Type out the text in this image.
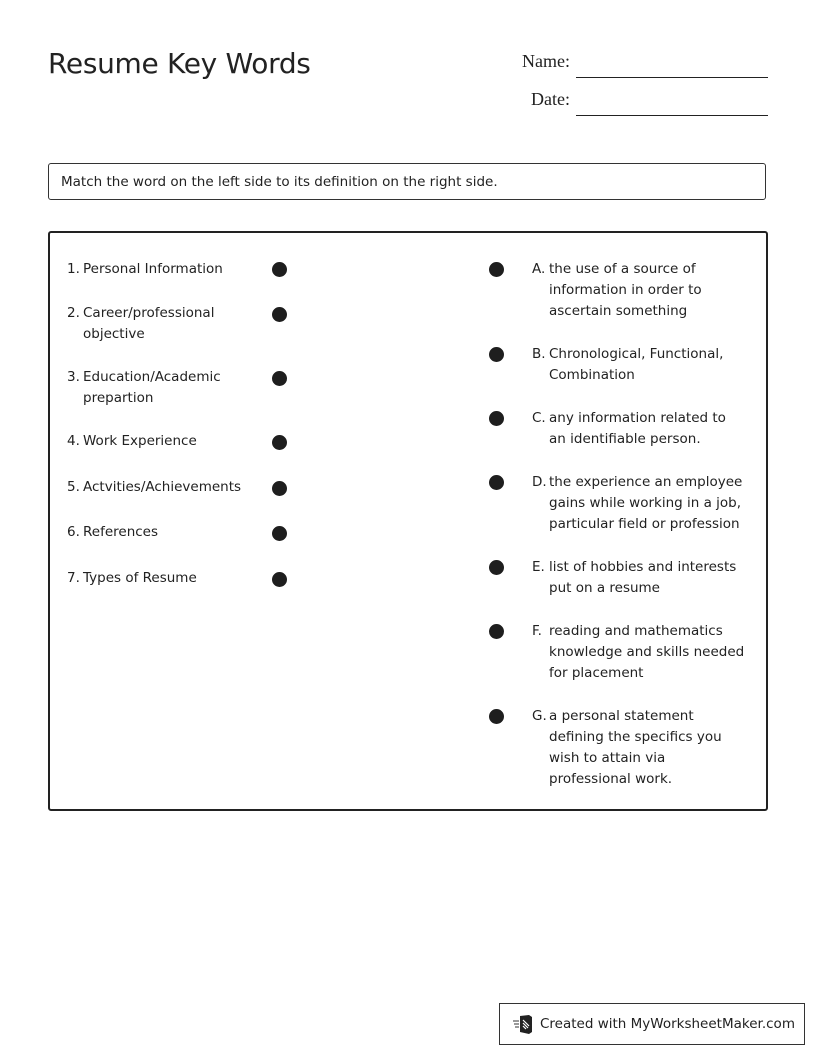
Resume Key Words	Name:
Date:
Match the word on the left side to its definition on the right side.
1. Personal Information
2. Career/professional objective
3. Education/Academic prepartion
4. Work Experience
5. Actvities/Achievements
6. References
7. Types of Resume
A. the use of a source of information in order to ascertain something
B. Chronological, Functional, Combination
C. any information related to an identifiable person.
D. the experience an employee gains while working in a job, particular field or profession
E. list of hobbies and interests put on a resume
F. reading and mathematics knowledge and skills needed for placement
G. a personal statement defining the specifics you wish to attain via professional work.
Created with MyWorksheetMaker.com
